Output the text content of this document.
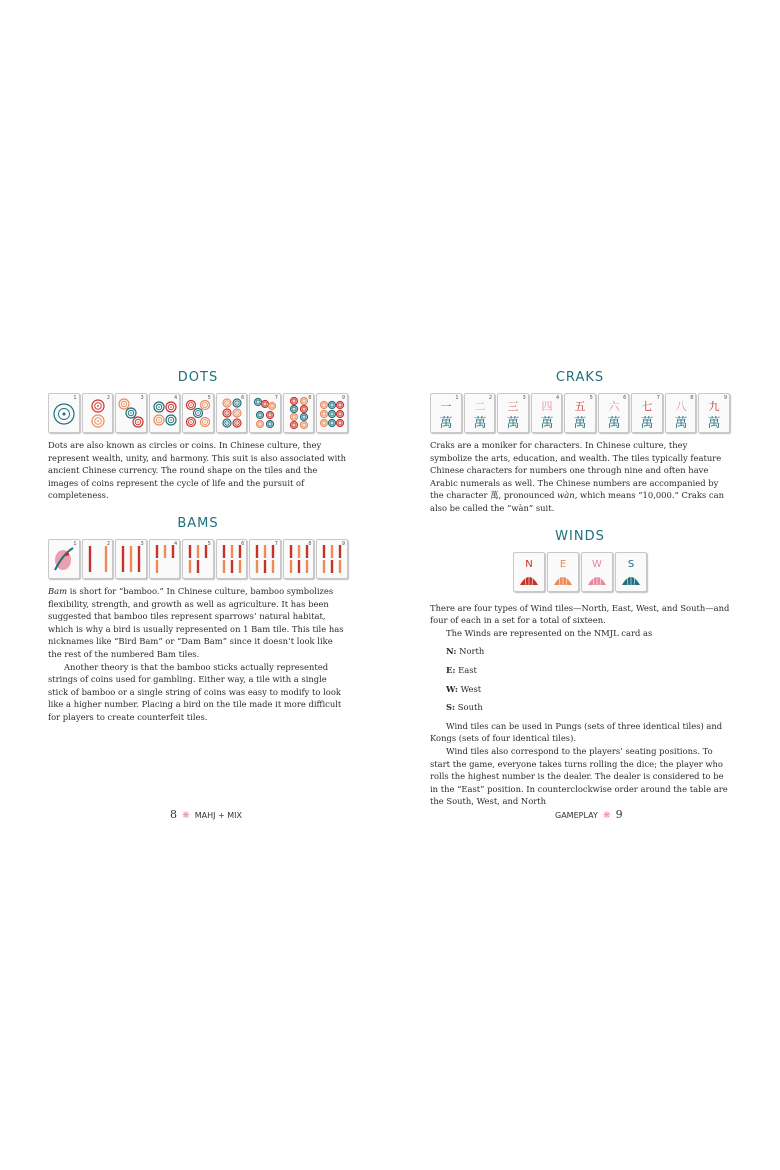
DOTS
1	2	3	4	5	6	7	8	9

Dots are also known as circles or coins. In Chinese culture, they represent wealth, unity, and harmony. This suit is also associated with ancient Chinese currency. The round shape on the tiles and the images of coins represent the cycle of life and the pursuit of completeness.

BAMS
1	2	3	4	5	6	7	8	9

Bam is short for “bamboo.” In Chinese culture, bamboo symbolizes flexibility, strength, and growth as well as agriculture. It has been suggested that bamboo tiles represent sparrows’ natural habitat, which is why a bird is usually represented on 1 Bam tile. This tile has nicknames like “Bird Bam” or “Dam Bam” since it doesn’t look like the rest of the numbered Bam tiles.

Another theory is that the bamboo sticks actually represented strings of coins used for gambling. Either way, a tile with a single stick of bamboo or a single string of coins was easy to modify to look like a higher number. Placing a bird on the tile made it more difficult for players to create counterfeit tiles.

8 ❋ MAHJ + MIX
CRAKS
一
萬
1
二
萬
2
三
萬
3
四
萬
4
五
萬
5
六
萬
6
七
萬
7
八
萬
8
九
萬
9

Craks are a moniker for characters. In Chinese culture, they symbolize the arts, education, and wealth. The tiles typically feature Chinese characters for numbers one through nine and often have Arabic numerals as well. The Chinese numbers are accompanied by the character 萬, pronounced wàn, which means “10,000.” Craks can also be called the “wàn” suit.

WINDS
N	E	W	S

There are four types of Wind tiles—North, East, West, and South—and four of each in a set for a total of sixteen.

The Winds are represented on the NMJL card as

N: North

E: East

W: West

S: South

Wind tiles can be used in Pungs (sets of three identical tiles) and Kongs (sets of four identical tiles).

Wind tiles also correspond to the players’ seating positions. To start the game, everyone takes turns rolling the dice; the player who rolls the highest number is the dealer. The dealer is considered to be in the “East” position. In counterclockwise order around the table are the South, West, and North

GAMEPLAY ❋ 9
